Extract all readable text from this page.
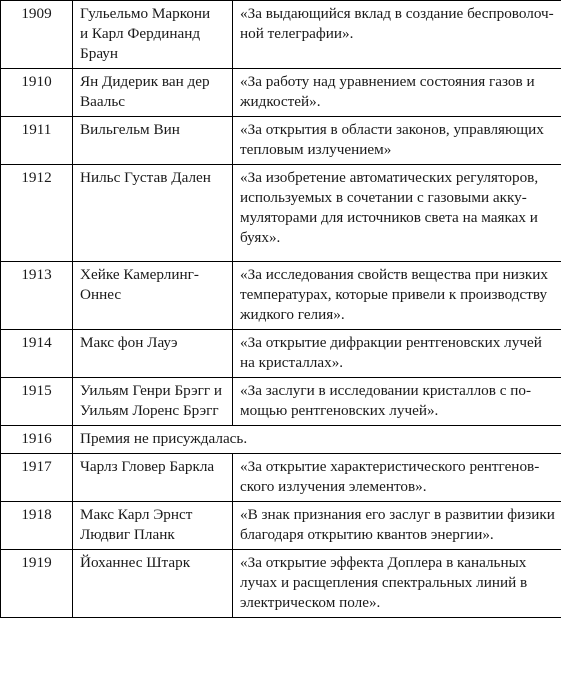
1909	Гульельмо Маркони
и Карл Фердинанд
Браун	«За выдающийся вклад в создание беспроволоч-
ной телеграфии».
1910	Ян Дидерик ван дер
Ваальс	«За работу над уравнением состояния газов и
жидкостей».
1911	Вильгельм Вин	«За открытия в области законов, управляющих
тепловым излучением»
1912	Нильс Густав Дален	«За изобретение автоматических регуляторов,
используемых в сочетании с газовыми акку-
муляторами для источников света на маяках и
буях».
1913	Хейке Камерлинг-
Оннес	«За исследования свойств вещества при низких
температурах, которые привели к производству
жидкого гелия».
1914	Макс фон Лауэ	«За открытие дифракции рентгеновских лучей
на кристаллах».
1915	Уильям Генри Брэгг и
Уильям Лоренс Брэгг	«За заслуги в исследовании кристаллов с по-
мощью рентгеновских лучей».
1916	Премия не присуждалась.	
1917	Чарлз Гловер Баркла	«За открытие характеристического рентгенов-
ского излучения элементов».
1918	Макс Карл Эрнст
Людвиг Планк	«В знак признания его заслуг в развитии физики
благодаря открытию квантов энергии».
1919	Йоханнес Штарк	«За открытие эффекта Доплера в канальных
лучах и расщепления спектральных линий в
электрическом поле».
